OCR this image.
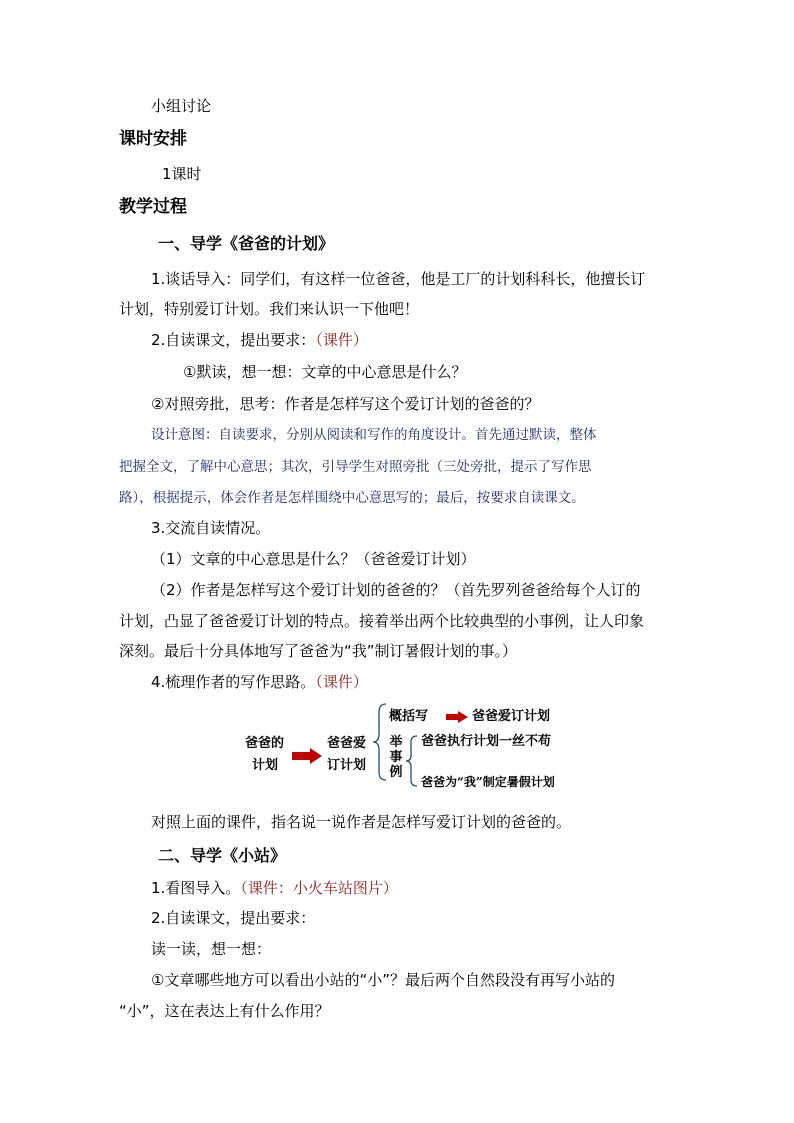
小组讨论
课时安排
1课时
教学过程
一、导学《爸爸的计划》
1.谈话导入：同学们，有这样一位爸爸，他是工厂的计划科科长，他擅长订
计划，特别爱订计划。我们来认识一下他吧！
2.自读课文，提出要求：（课件）
①默读，想一想：文章的中心意思是什么？
②对照旁批，思考：作者是怎样写这个爱订计划的爸爸的？
设计意图：自读要求，分别从阅读和写作的角度设计。首先通过默读，整体
把握全文，了解中心意思；其次，引导学生对照旁批（三处旁批，提示了写作思
路），根据提示，体会作者是怎样围绕中心意思写的；最后，按要求自读课文。
3.交流自读情况。
（1）文章的中心意思是什么？（爸爸爱订计划）
（2）作者是怎样写这个爱订计划的爸爸的？（首先罗列爸爸给每个人订的
计划，凸显了爸爸爱订计划的特点。接着举出两个比较典型的小事例，让人印象
深刻。最后十分具体地写了爸爸为“我”制订暑假计划的事。）
4.梳理作者的写作思路。（课件）
爸爸的
计划
爸爸爱
订计划
概括写	爸爸爱订计划
举
事
例
爸爸执行计划一丝不苟
爸爸为“我”制定暑假计划
对照上面的课件，指名说一说作者是怎样写爱订计划的爸爸的。
二、导学《小站》
1.看图导入。（课件：小火车站图片）
2.自读课文，提出要求：
读一读，想一想：
①文章哪些地方可以看出小站的“小”？最后两个自然段没有再写小站的
“小”，这在表达上有什么作用？
